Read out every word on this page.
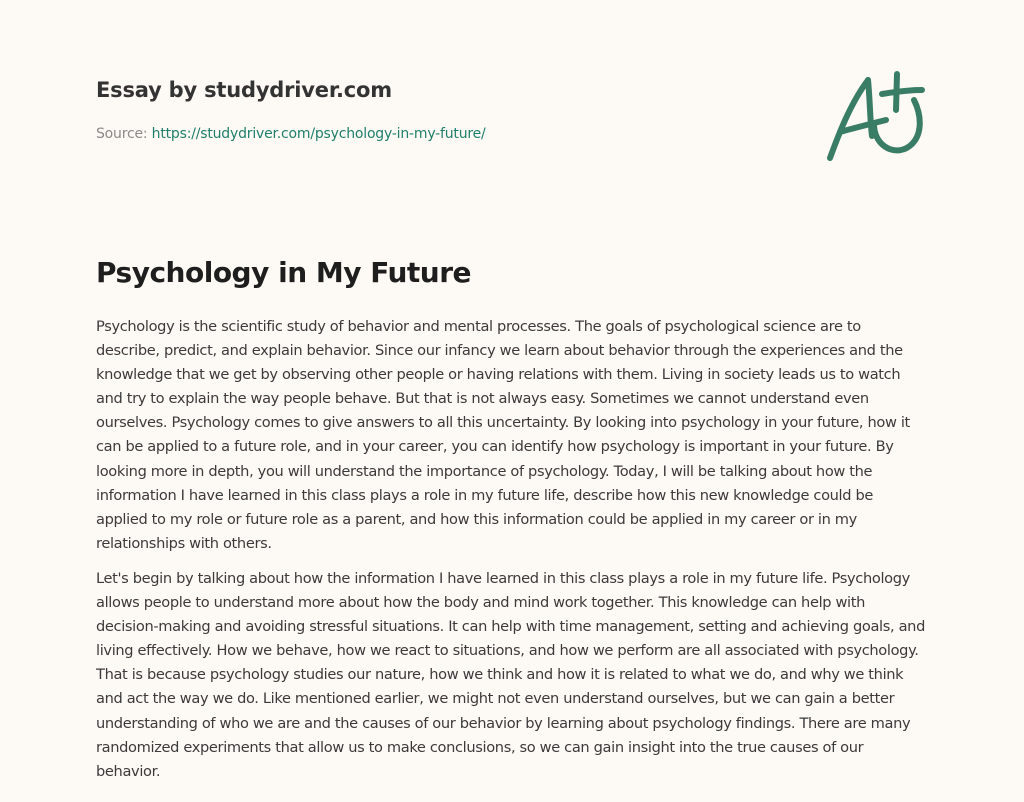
Essay by studydriver.com
Source: https://studydriver.com/psychology-in-my-future/
Psychology in My Future

Psychology is the scientific study of behavior and mental processes. The goals of psychological science are to describe, predict, and explain behavior. Since our infancy we learn about behavior through the experiences and the knowledge that we get by observing other people or having relations with them. Living in society leads us to watch and try to explain the way people behave. But that is not always easy. Sometimes we cannot understand even ourselves. Psychology comes to give answers to all this uncertainty. By looking into psychology in your future, how it can be applied to a future role, and in your career, you can identify how psychology is important in your future. By looking more in depth, you will understand the importance of psychology. Today, I will be talking about how the information I have learned in this class plays a role in my future life, describe how this new knowledge could be applied to my role or future role as a parent, and how this information could be applied in my career or in my relationships with others.

Let's begin by talking about how the information I have learned in this class plays a role in my future life. Psychology allows people to understand more about how the body and mind work together. This knowledge can help with decision-making and avoiding stressful situations. It can help with time management, setting and achieving goals, and living effectively. How we behave, how we react to situations, and how we perform are all associated with psychology. That is because psychology studies our nature, how we think and how it is related to what we do, and why we think and act the way we do. Like mentioned earlier, we might not even understand ourselves, but we can gain a better understanding of who we are and the causes of our behavior by learning about psychology findings. There are many randomized experiments that allow us to make conclusions, so we can gain insight into the true causes of our behavior.
